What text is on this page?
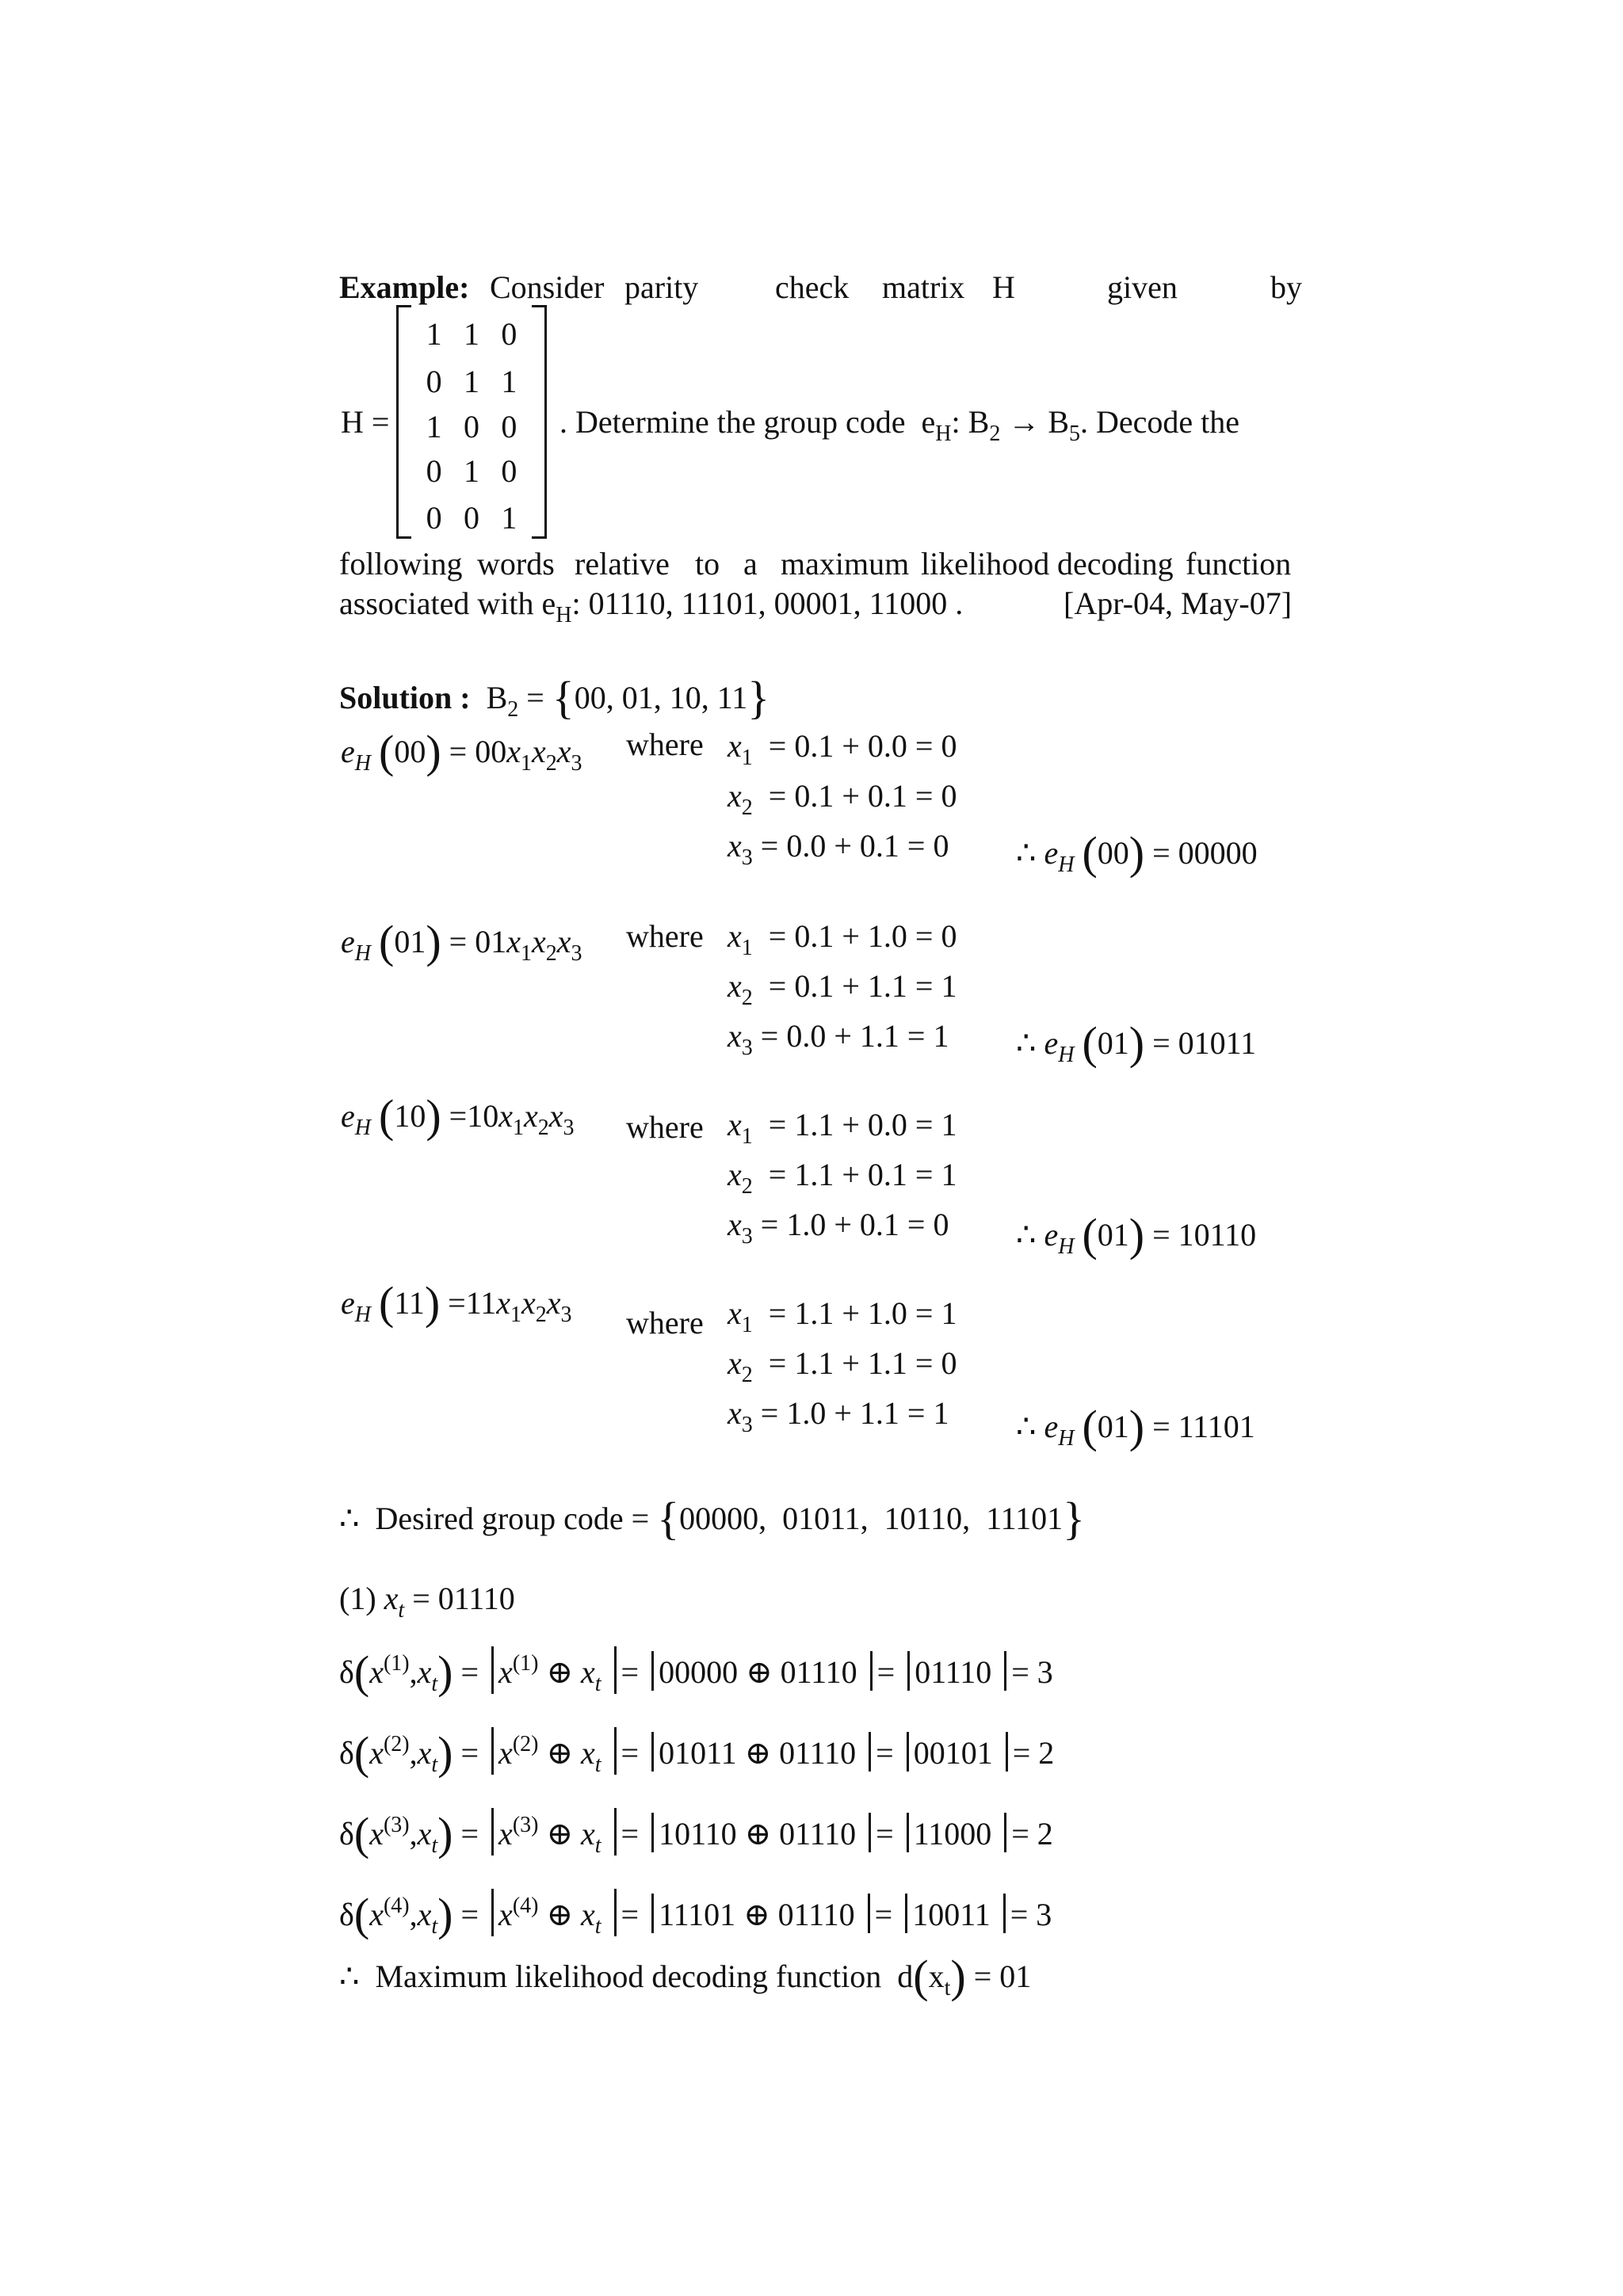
Example: Consider parity check matrix H	given	by
H =
1 1 0
0 1 1
1 0 0
0 1 0
0 0 1
. Determine the group code $e_H$: $B_2 \to B_5$. Decode the
following words relative to a maximum likelihood decoding function
associated with $e_H$: 01110, 11101, 00001, 11000 .	[Apr-04, May-07]
Solution : $B_2 = \{00$, 01, 10, 11}
$e_H$ $(00) = 00x_1x_2x_3$
where $x_1 = 0.1 + 0.0 = 0$
$x_2 = 0.1 + 0.1 = 0$
$x_3 = 0.0 + 0.1 = 0$ ∴ $e_H$ (00) = 00000
$e_H$ $(01) = 01x_1x_2x_3$ where $x_1 = 0.1 + 1.0 = 0$
$x_2 = 0.1 + 1.1 = 1$
$x_3 = 0.0 + 1.1 = 1$ ∴ $e_H$ (01) = 01011
$e_H$ $(10) =10x_1x_2x_3$ where $x_1 = 1.1 + 0.0 = 1$
$x_2 = 1.1 + 0.1 = 1$
$x_3 = 1.0 + 0.1 = 0$ ∴ $e_H$ (01) = 10110
$e_H$ $(11) =11x_1x_2x_3$ where $x_1 = 1.1 + 1.0 = 1$
$x_2 = 1.1 + 1.1 = 0$
$x_3 = 1.0 + 1.1 = 1$ ∴ $e_H$ (01) = 11101
∴ Desired group code = {00000,  01011,  10110,  11101}
(1) $x_t = 01110$
$\delta(x^{(1)},x_t) = x^{(1)}$ ⊕ $x_t = 00000$ ⊕ 01110 = 01110 = 3
$\delta(x^{(2)},x_t) = x^{(2)}$ ⊕ $x_t = 01011$ ⊕ 01110 = 00101 = 2
$\delta(x^{(3)},x_t) = x^{(3)}$ ⊕ $x_t = 10110$ ⊕ 01110 = 11000 = 2
$\delta(x^{(4)},x_t) = x^{(4)}$ ⊕ $x_t = 11101$ ⊕ 01110 = 10011 = 3
∴ Maximum likelihood decoding function $d(x_t) = 01$
